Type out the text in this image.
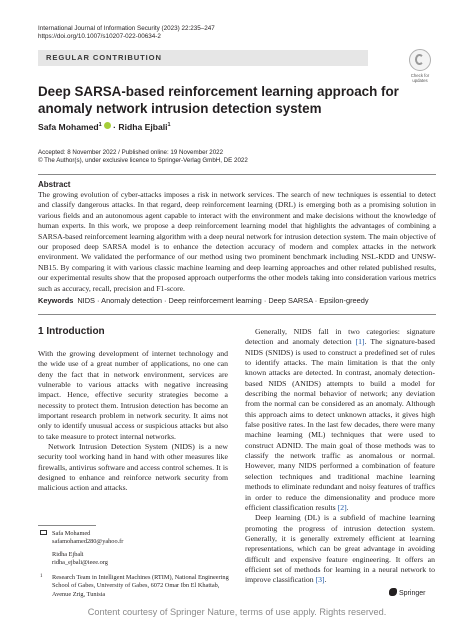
International Journal of Information Security (2023) 22:235–247
https://doi.org/10.1007/s10207-022-00634-2
REGULAR CONTRIBUTION
Check for
updates
Deep SARSA-based reinforcement learning approach for anomaly network intrusion detection system
Safa Mohamed$^1$ · Ridha Ejbali$^1$
Accepted: 8 November 2022 / Published online: 19 November 2022
© The Author(s), under exclusive licence to Springer-Verlag GmbH, DE 2022
Abstract
The growing evolution of cyber-attacks imposes a risk in network services. The search of new techniques is essential to detect and classify dangerous attacks. In that regard, deep reinforcement learning (DRL) is emerging both as a promising solution in various fields and an autonomous agent capable to interact with the environment and make decisions without the knowledge of human experts. In this work, we propose a deep reinforcement learning model that highlights the advantages of combining a SARSA-based reinforcement learning algorithm with a deep neural network for intrusion detection system. The main objective of our proposed deep SARSA model is to enhance the detection accuracy of modern and complex attacks in the network environment. We validated the performance of our method using two prominent benchmark including NSL-KDD and UNSW-NB15. By comparing it with various classic machine learning and deep learning approaches and other related published results, our experimental results show that the proposed approach outperforms the other models taking into consideration various metrics such as accuracy, recall, precision and F1-score.
Keywords NIDS · Anomaly detection · Deep reinforcement learning · Deep SARSA · Epsilon-greedy
1 Introduction

With the growing development of internet technology and the wide use of a great number of applications, no one can deny the fact that in network environment, services are vulnerable to various attacks with negative increasing impact. Hence, effective security strategies become a necessity to protect them. Intrusion detection has become an important research problem in network security. It aims not only to identify unusual access or suspicious attacks but also to take measure to protect internal networks.

Network Intrusion Detection System (NIDS) is a new security tool working hand in hand with other measures like firewalls, antivirus software and access control schemes. It is designed to enhance and reinforce network security from malicious action and attacks.

Generally, NIDS fall in two categories: signature detection and anomaly detection [1]. The signature-based NIDS (SNIDS) is used to construct a predefined set of rules to identify attacks. The main limitation is that the only known attacks are detected. In contrast, anomaly detection-based NIDS (ANIDS) attempts to build a model for describing the normal behavior of network; any deviation from the normal can be considered as an anomaly. Although this approach aims to detect unknown attacks, it gives high false positive rates. In the last few decades, there were many machine learning (ML) techniques that were used to construct ADNID. The main goal of those methods was to classify the network traffic as anomalous or normal. However, many NIDS performed a combination of feature selection techniques and traditional machine learning methods to eliminate redundant and noisy features of traffics in order to reduce the dimensionality and produce more efficient classification results [2].

Deep learning (DL) is a subfield of machine learning promoting the progress of intrusion detection system. Generally, it is generally extremely efficient at learning representations, which can be great advantage in avoiding difficult and expensive feature engineering. It offers an efficient set of methods for learning in a neural network to improve classification [3].

Safa Mohamed
safamohamed280@yahoo.fr
Ridha Ejbali
ridha_ejbali@ieee.org
1 Research Team in Intelligent Machines (RTIM), National Engineering School of Gabes, University of Gabes, 6072 Omar Ibn El Khattab, Avenue Zrig, Tunisia	Springer
Content courtesy of Springer Nature, terms of use apply. Rights reserved.
